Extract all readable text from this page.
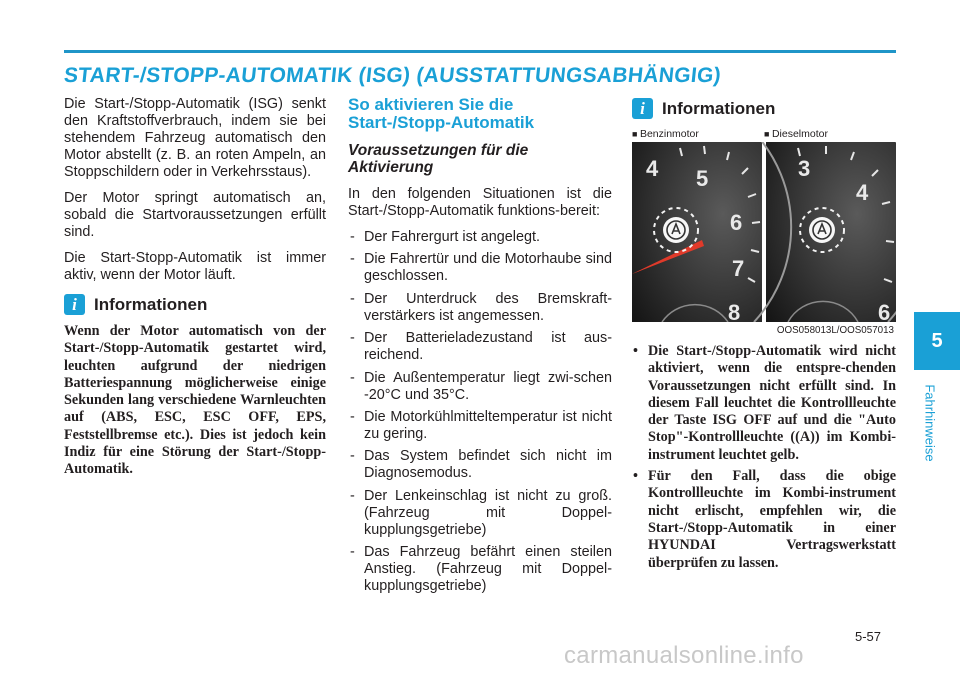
START-/STOPP-AUTOMATIK (ISG) (AUSSTATTUNGSABHÄNGIG)

Die Start-/Stopp-Automatik (ISG) senkt den Kraftstoffverbrauch, indem sie bei stehendem Fahrzeug automatisch den Motor abstellt (z. B. an roten Ampeln, an Stoppschildern oder in Verkehrsstaus).

Der Motor springt automatisch an, sobald die Startvoraussetzungen erfüllt sind.

Die Start-Stopp-Automatik ist immer aktiv, wenn der Motor läuft.

i	Informationen

Wenn der Motor automatisch von der Start-/Stopp-Automatik gestartet wird, leuchten aufgrund der niedrigen Batteriespannung möglicherweise einige Sekunden lang verschiedene Warnleuchten auf (ABS, ESC, ESC OFF, EPS, Feststellbremse etc.). Dies ist jedoch kein Indiz für eine Störung der Start-/Stopp-Automatik.

So aktivieren Sie die Start-/Stopp-Automatik
Voraussetzungen für die Aktivierung

In den folgenden Situationen ist die Start-/Stopp-Automatik funktions-bereit:

- Der Fahrergurt ist angelegt.
- Die Fahrertür und die Motorhaube sind geschlossen.
- Der Unterdruck des Bremskraft-verstärkers ist angemessen.
- Der Batterieladezustand ist aus-reichend.
- Die Außentemperatur liegt zwi-schen -20°C und 35°C.
- Die Motorkühlmitteltemperatur ist nicht zu gering.
- Das System befindet sich nicht im Diagnosemodus.
- Der Lenkeinschlag ist nicht zu groß. (Fahrzeug mit Doppel-kupplungsgetriebe)
- Das Fahrzeug befährt einen steilen Anstieg. (Fahrzeug mit Doppel-kupplungsgetriebe)
i	Informationen
■ Benzinmotor
■	Dieselmotor
4 5
6
7
8
3
4
6
OOS058013L/OOS057013
• Die Start-/Stopp-Automatik wird nicht aktiviert, wenn die entspre-chenden Voraussetzungen nicht erfüllt sind. In diesem Fall leuchtet die Kontrollleuchte der Taste ISG OFF auf und die "Auto Stop"-Kontrollleuchte ((A)) im Kombi-instrument leuchtet gelb.
• Für den Fall, dass die obige Kontrollleuchte im Kombi-instrument nicht erlischt, empfehlen wir, die Start-/Stopp-Automatik in einer HYUNDAI Vertragswerkstatt überprüfen zu lassen.
5
Fahrhinweise
5-57
carmanualsonline.info
